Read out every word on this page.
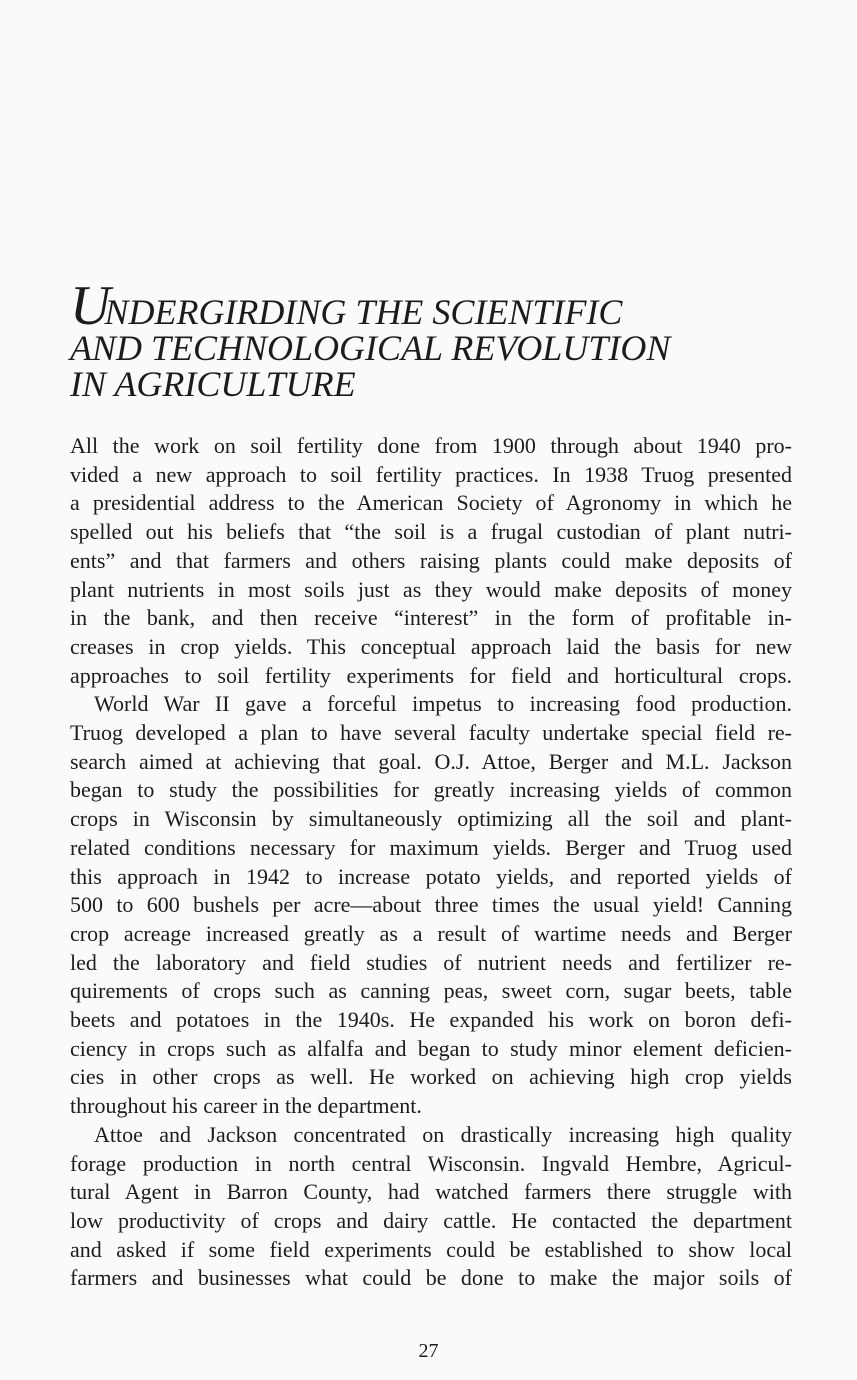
UNDERGIRDING THE SCIENTIFIC
AND TECHNOLOGICAL REVOLUTION
IN AGRICULTURE
All the work on soil fertility done from 1900 through about 1940 pro-
vided a new approach to soil fertility practices. In 1938 Truog presented
a presidential address to the American Society of Agronomy in which he
spelled out his beliefs that “the soil is a frugal custodian of plant nutri-
ents” and that farmers and others raising plants could make deposits of
plant nutrients in most soils just as they would make deposits of money
in the bank, and then receive “interest” in the form of profitable in-
creases in crop yields. This conceptual approach laid the basis for new
approaches to soil fertility experiments for field and horticultural crops.
World War II gave a forceful impetus to increasing food production.
Truog developed a plan to have several faculty undertake special field re-
search aimed at achieving that goal. O.J. Attoe, Berger and M.L. Jackson
began to study the possibilities for greatly increasing yields of common
crops in Wisconsin by simultaneously optimizing all the soil and plant-
related conditions necessary for maximum yields. Berger and Truog used
this approach in 1942 to increase potato yields, and reported yields of
500 to 600 bushels per acre—about three times the usual yield! Canning
crop acreage increased greatly as a result of wartime needs and Berger
led the laboratory and field studies of nutrient needs and fertilizer re-
quirements of crops such as canning peas, sweet corn, sugar beets, table
beets and potatoes in the 1940s. He expanded his work on boron defi-
ciency in crops such as alfalfa and began to study minor element deficien-
cies in other crops as well. He worked on achieving high crop yields
throughout his career in the department.
Attoe and Jackson concentrated on drastically increasing high quality
forage production in north central Wisconsin. Ingvald Hembre, Agricul-
tural Agent in Barron County, had watched farmers there struggle with
low productivity of crops and dairy cattle. He contacted the department
and asked if some field experiments could be established to show local
farmers and businesses what could be done to make the major soils of
27
